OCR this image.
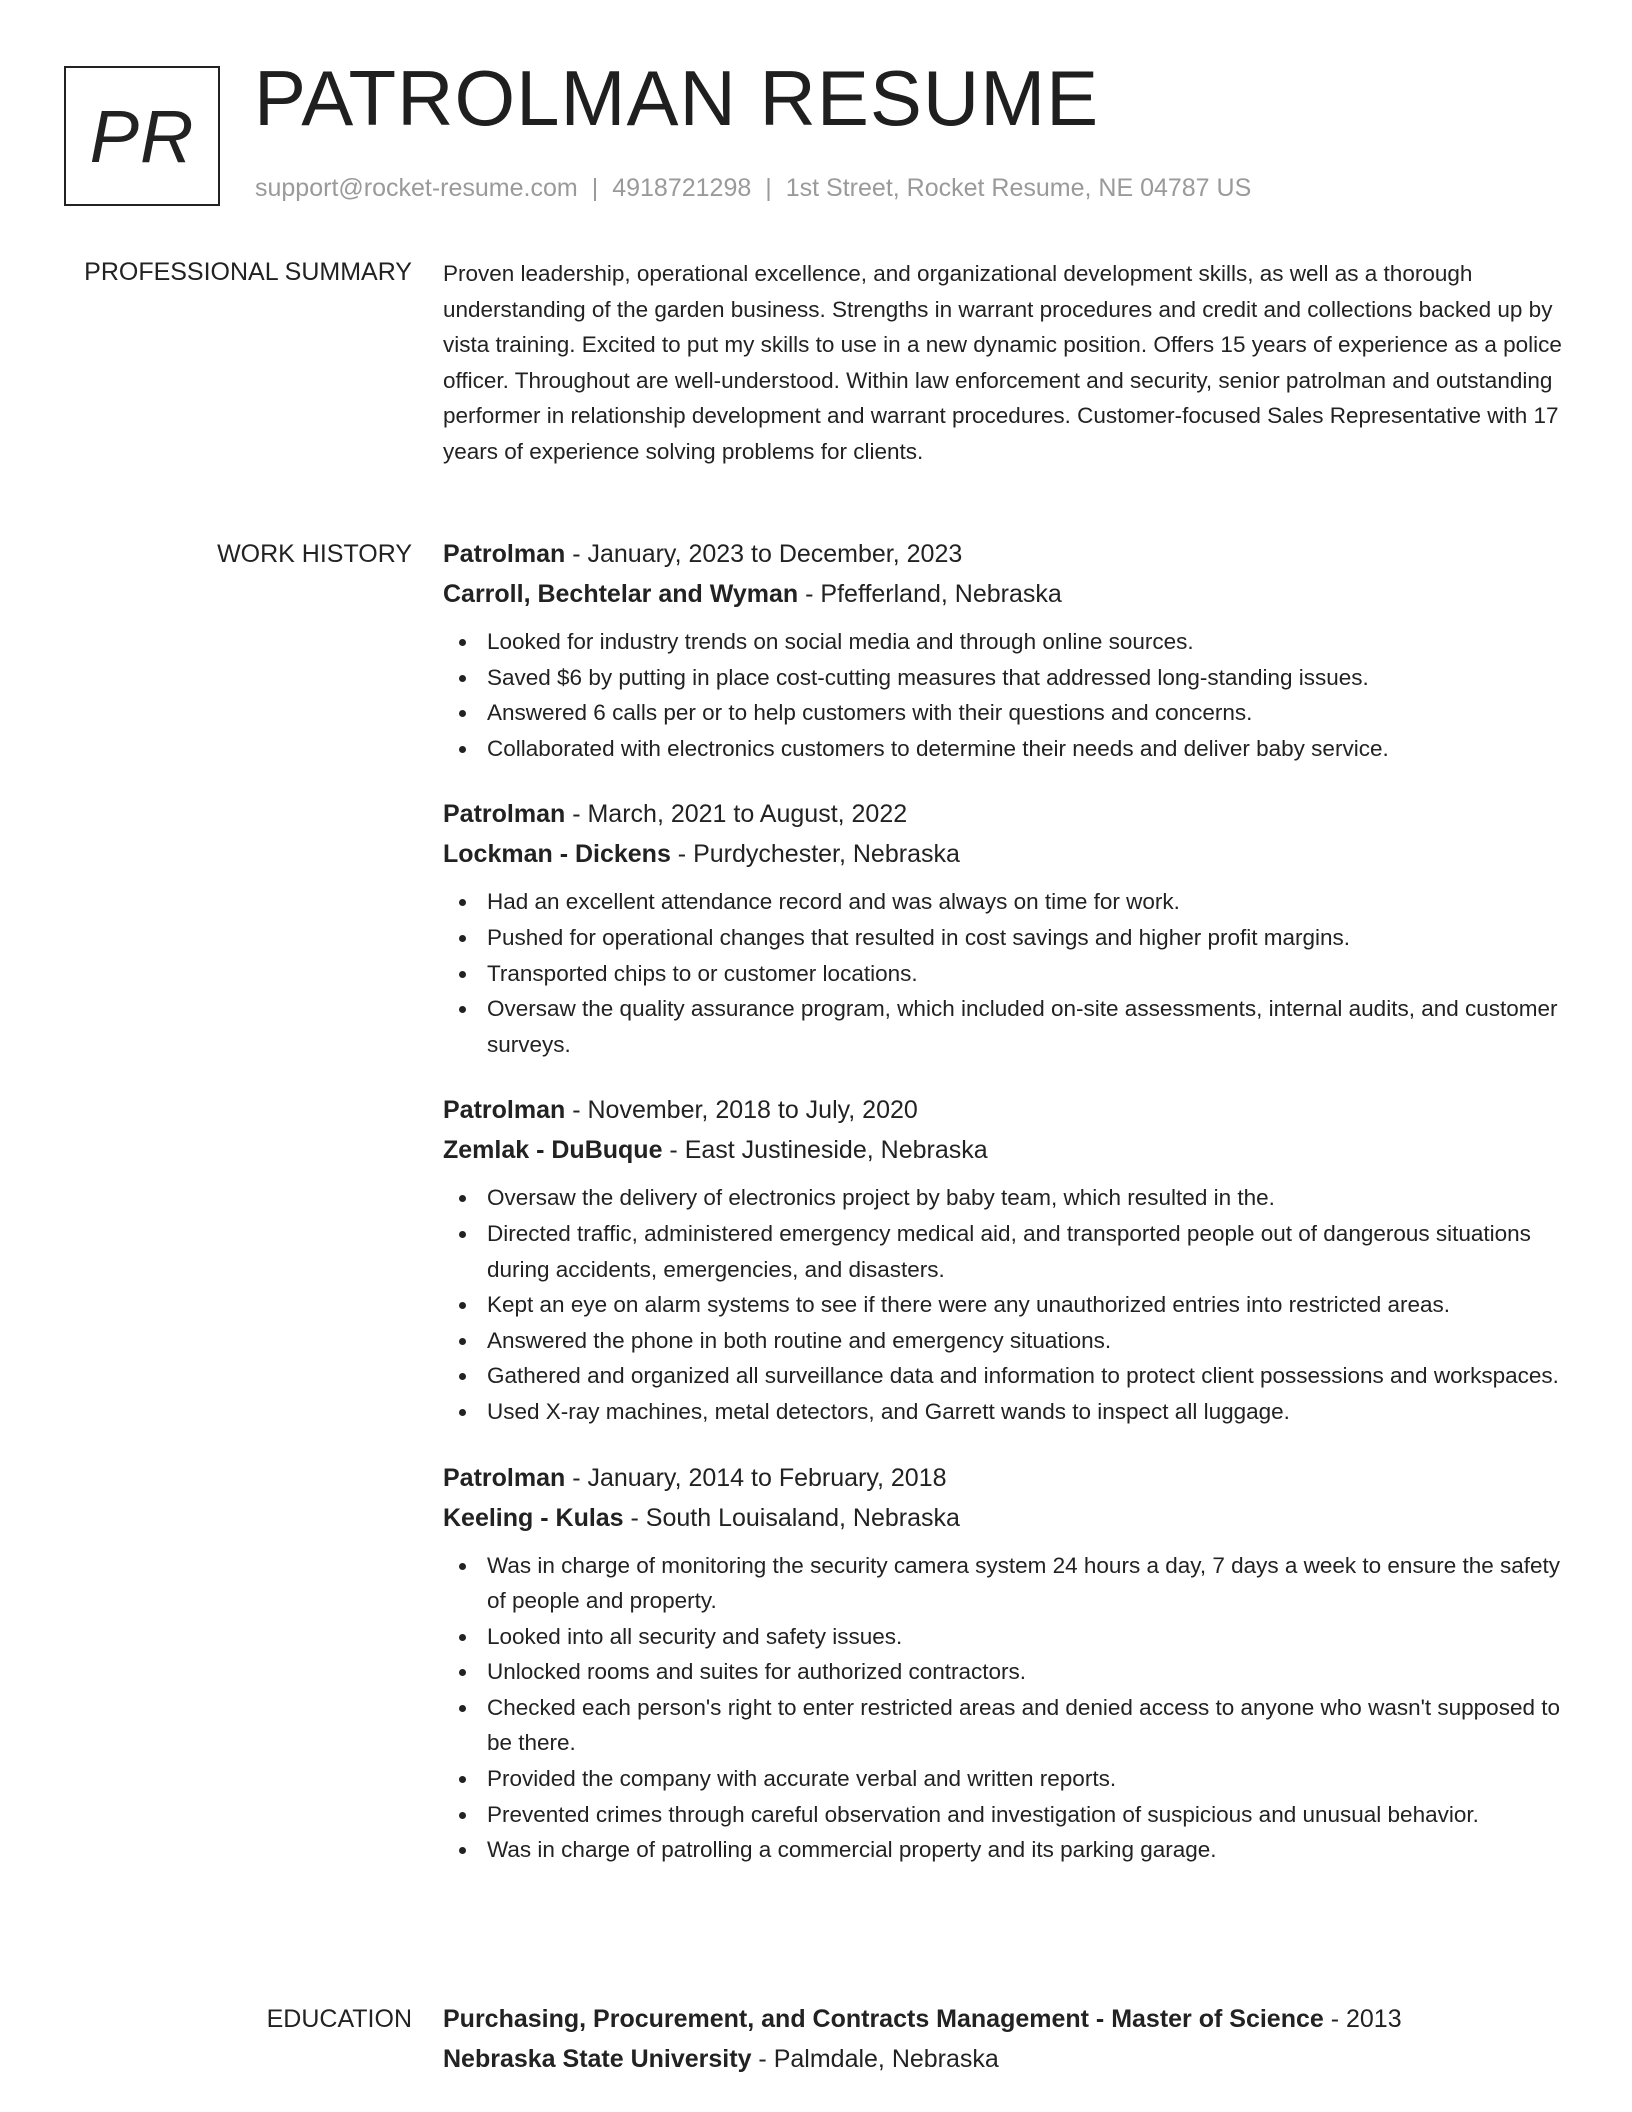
PR PATROLMAN RESUME
support@rocket-resume.com | 4918721298 | 1st Street, Rocket Resume, NE 04787 US
PROFESSIONAL SUMMARY Proven leadership, operational excellence, and organizational development skills, as well as a thorough understanding of the garden business. Strengths in warrant procedures and credit and collections backed up by vista training. Excited to put my skills to use in a new dynamic position. Offers 15 years of experience as a police officer. Throughout are well-understood. Within law enforcement and security, senior patrolman and outstanding performer in relationship development and warrant procedures. Customer-focused Sales Representative with 17 years of experience solving problems for clients.

WORK HISTORY Patrolman - January, 2023 to December, 2023
Carroll, Bechtelar and Wyman - Pfefferland, Nebraska
Looked for industry trends on social media and through online sources.
Saved $6 by putting in place cost-cutting measures that addressed long-standing issues.
Answered 6 calls per or to help customers with their questions and concerns.
Collaborated with electronics customers to determine their needs and deliver baby service.
Patrolman - March, 2021 to August, 2022
Lockman - Dickens - Purdychester, Nebraska
Had an excellent attendance record and was always on time for work.
Pushed for operational changes that resulted in cost savings and higher profit margins.
Transported chips to or customer locations.
Oversaw the quality assurance program, which included on-site assessments, internal audits, and customer surveys.
Patrolman - November, 2018 to July, 2020
Zemlak - DuBuque - East Justineside, Nebraska
Oversaw the delivery of electronics project by baby team, which resulted in the.
Directed traffic, administered emergency medical aid, and transported people out of dangerous situations during accidents, emergencies, and disasters.
Kept an eye on alarm systems to see if there were any unauthorized entries into restricted areas.
Answered the phone in both routine and emergency situations.
Gathered and organized all surveillance data and information to protect client possessions and workspaces.
Used X-ray machines, metal detectors, and Garrett wands to inspect all luggage.
Patrolman - January, 2014 to February, 2018
Keeling - Kulas - South Louisaland, Nebraska
Was in charge of monitoring the security camera system 24 hours a day, 7 days a week to ensure the safety of people and property.
Looked into all security and safety issues.
Unlocked rooms and suites for authorized contractors.
Checked each person's right to enter restricted areas and denied access to anyone who wasn't supposed to be there.
Provided the company with accurate verbal and written reports.
Prevented crimes through careful observation and investigation of suspicious and unusual behavior.
Was in charge of patrolling a commercial property and its parking garage.
EDUCATION Purchasing, Procurement, and Contracts Management - Master of Science - 2013
Nebraska State University - Palmdale, Nebraska
